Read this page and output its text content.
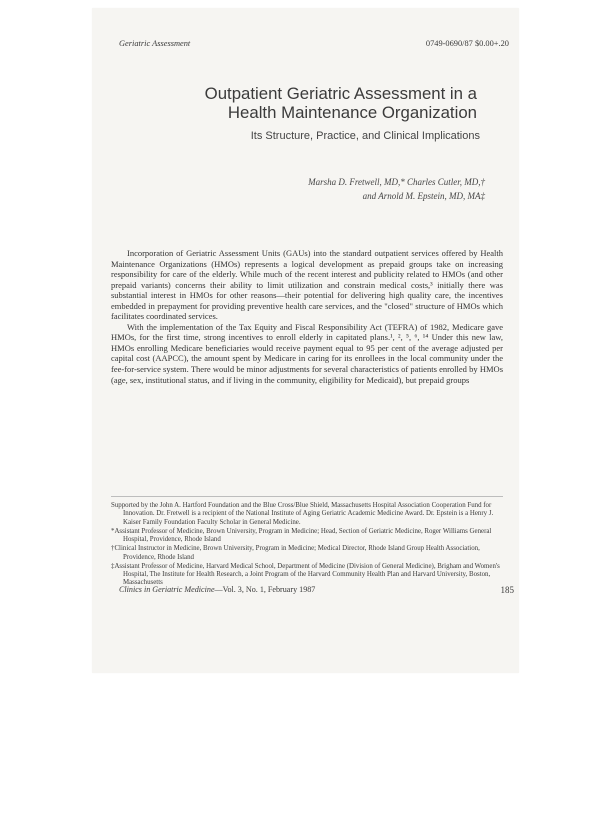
Geriatric Assessment	0749-0690/87 $0.00+.20
Outpatient Geriatric Assessment in a
Health Maintenance Organization
Its Structure, Practice, and Clinical Implications
Marsha D. Fretwell, MD,* Charles Cutler, MD,†
and Arnold M. Epstein, MD, MA‡

Incorporation of Geriatric Assessment Units (GAUs) into the standard outpatient services offered by Health Maintenance Organizations (HMOs) represents a logical development as prepaid groups take on increasing responsibility for care of the elderly. While much of the recent interest and publicity related to HMOs (and other prepaid variants) concerns their ability to limit utilization and constrain medical costs,³ initially there was substantial interest in HMOs for other reasons—their potential for delivering high quality care, the incentives embedded in prepayment for providing preventive health care services, and the "closed" structure of HMOs which facilitates coordinated services.

With the implementation of the Tax Equity and Fiscal Responsibility Act (TEFRA) of 1982, Medicare gave HMOs, for the first time, strong incentives to enroll elderly in capitated plans.¹, ², ⁵, ⁶, ¹⁴ Under this new law, HMOs enrolling Medicare beneficiaries would receive payment equal to 95 per cent of the average adjusted per capital cost (AAPCC), the amount spent by Medicare in caring for its enrollees in the local community under the fee-for-service system. There would be minor adjustments for several characteristics of patients enrolled by HMOs (age, sex, institutional status, and if living in the community, eligibility for Medicaid), but prepaid groups

Supported by the John A. Hartford Foundation and the Blue Cross/Blue Shield, Massachusetts Hospital Association Cooperation Fund for Innovation. Dr. Fretwell is a recipient of the National Institute of Aging Geriatric Academic Medicine Award. Dr. Epstein is a Henry J. Kaiser Family Foundation Faculty Scholar in General Medicine.
*Assistant Professor of Medicine, Brown University, Program in Medicine; Head, Section of Geriatric Medicine, Roger Williams General Hospital, Providence, Rhode Island
†Clinical Instructor in Medicine, Brown University, Program in Medicine; Medical Director, Rhode Island Group Health Association, Providence, Rhode Island
‡Assistant Professor of Medicine, Harvard Medical School, Department of Medicine (Division of General Medicine), Brigham and Women's Hospital, The Institute for Health Research, a Joint Program of the Harvard Community Health Plan and Harvard University, Boston, Massachusetts
Clinics in Geriatric Medicine—Vol. 3, No. 1, February 1987	185
